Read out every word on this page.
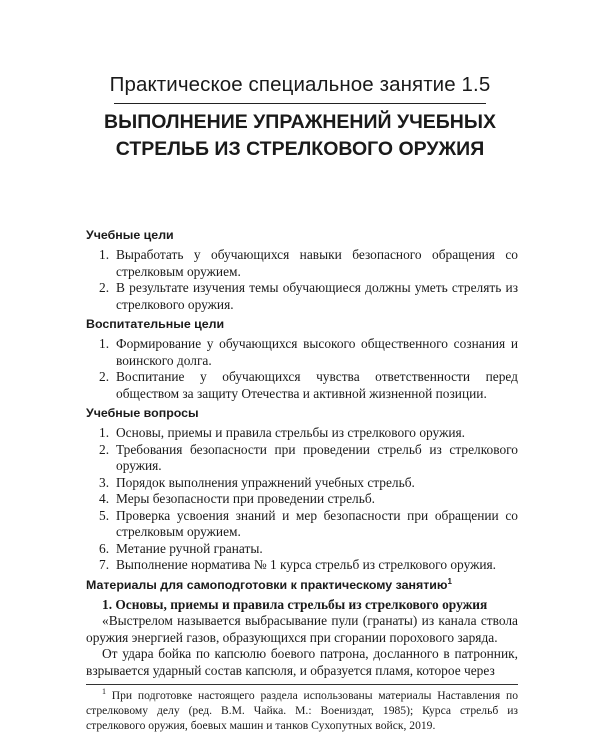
Практическое специальное занятие 1.5
ВЫПОЛНЕНИЕ УПРАЖНЕНИЙ УЧЕБНЫХ
СТРЕЛЬБ ИЗ СТРЕЛКОВОГО ОРУЖИЯ
Учебные цели
1. Выработать у обучающихся навыки безопасного обращения со стрелковым оружием.
2. В результате изучения темы обучающиеся должны уметь стрелять из стрелкового оружия.
Воспитательные цели
1. Формирование у обучающихся высокого общественного сознания и воинского долга.
2. Воспитание у обучающихся чувства ответственности перед обществом за защиту Отечества и активной жизненной позиции.
Учебные вопросы
1. Основы, приемы и правила стрельбы из стрелкового оружия.
2. Требования безопасности при проведении стрельб из стрелкового оружия.
3. Порядок выполнения упражнений учебных стрельб.
4. Меры безопасности при проведении стрельб.
5. Проверка усвоения знаний и мер безопасности при обращении со стрелковым оружием.
6. Метание ручной гранаты.
7. Выполнение норматива № 1 курса стрельб из стрелкового оружия.
Материалы для самоподготовки к практическому занятию$^1$
1. Основы, приемы и правила стрельбы из стрелкового оружия

«Выстрелом называется выбрасывание пули (гранаты) из канала ствола оружия энергией газов, образующихся при сгорании порохового заряда.

От удара бойка по капсюлю боевого патрона, досланного в патронник, взрывается ударный состав капсюля, и образуется пламя, которое через

$^1$ При подготовке настоящего раздела использованы материалы Наставления по стрелковому делу (ред. В.М. Чайка. М.: Воениздат, 1985); Курса стрельб из стрелкового оружия, боевых машин и танков Сухопутных войск, 2019.
